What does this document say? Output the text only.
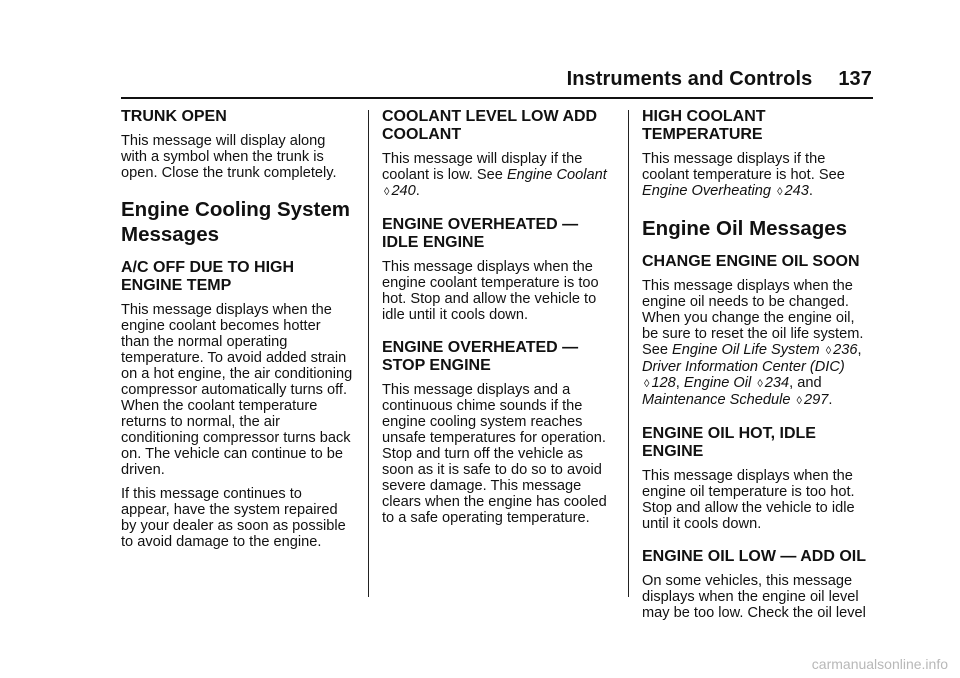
Instruments and Controls 137
TRUNK OPEN

This message will display along with a symbol when the trunk is open. Close the trunk completely.

Engine Cooling System Messages
A/C OFF DUE TO HIGH ENGINE TEMP

This message displays when the engine coolant becomes hotter than the normal operating temperature. To avoid added strain on a hot engine, the air conditioning compressor automatically turns off. When the coolant temperature returns to normal, the air conditioning compressor turns back on. The vehicle can continue to be driven.

If this message continues to appear, have the system repaired by your dealer as soon as possible to avoid damage to the engine.

COOLANT LEVEL LOW ADD COOLANT

This message will display if the coolant is low. See Engine Coolant ◊ 240.

ENGINE OVERHEATED — IDLE ENGINE

This message displays when the engine coolant temperature is too hot. Stop and allow the vehicle to idle until it cools down.

ENGINE OVERHEATED — STOP ENGINE

This message displays and a continuous chime sounds if the engine cooling system reaches unsafe temperatures for operation. Stop and turn off the vehicle as soon as it is safe to do so to avoid severe damage. This message clears when the engine has cooled to a safe operating temperature.

HIGH COOLANT TEMPERATURE

This message displays if the coolant temperature is hot. See Engine Overheating ◊ 243.

Engine Oil Messages
CHANGE ENGINE OIL SOON

This message displays when the engine oil needs to be changed. When you change the engine oil, be sure to reset the oil life system. See Engine Oil Life System ◊ 236, Driver Information Center (DIC) ◊ 128, Engine Oil ◊ 234, and Maintenance Schedule ◊ 297.

ENGINE OIL HOT, IDLE ENGINE

This message displays when the engine oil temperature is too hot. Stop and allow the vehicle to idle until it cools down.

ENGINE OIL LOW — ADD OIL

On some vehicles, this message displays when the engine oil level may be too low. Check the oil level

carmanualsonline.info
